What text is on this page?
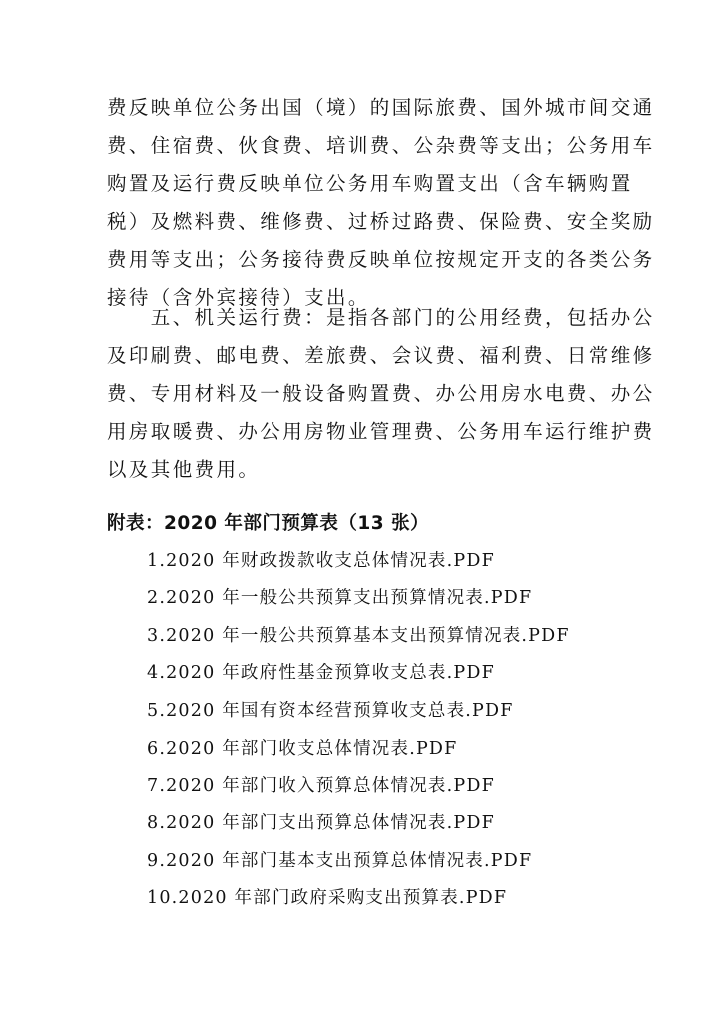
费反映单位公务出国（境）的国际旅费、国外城市间交通
费、住宿费、伙食费、培训费、公杂费等支出；公务用车
购置及运行费反映单位公务用车购置支出（含车辆购置
税）及燃料费、维修费、过桥过路费、保险费、安全奖励
费用等支出；公务接待费反映单位按规定开支的各类公务
接待（含外宾接待）支出。
　　五、机关运行费：是指各部门的公用经费，包括办公
及印刷费、邮电费、差旅费、会议费、福利费、日常维修
费、专用材料及一般设备购置费、办公用房水电费、办公
用房取暖费、办公用房物业管理费、公务用车运行维护费
以及其他费用。
附表：2020 年部门预算表（13 张）
1.2020 年财政拨款收支总体情况表.PDF
2.2020 年一般公共预算支出预算情况表.PDF
3.2020 年一般公共预算基本支出预算情况表.PDF
4.2020 年政府性基金预算收支总表.PDF
5.2020 年国有资本经营预算收支总表.PDF
6.2020 年部门收支总体情况表.PDF
7.2020 年部门收入预算总体情况表.PDF
8.2020 年部门支出预算总体情况表.PDF
9.2020 年部门基本支出预算总体情况表.PDF
10.2020 年部门政府采购支出预算表.PDF
